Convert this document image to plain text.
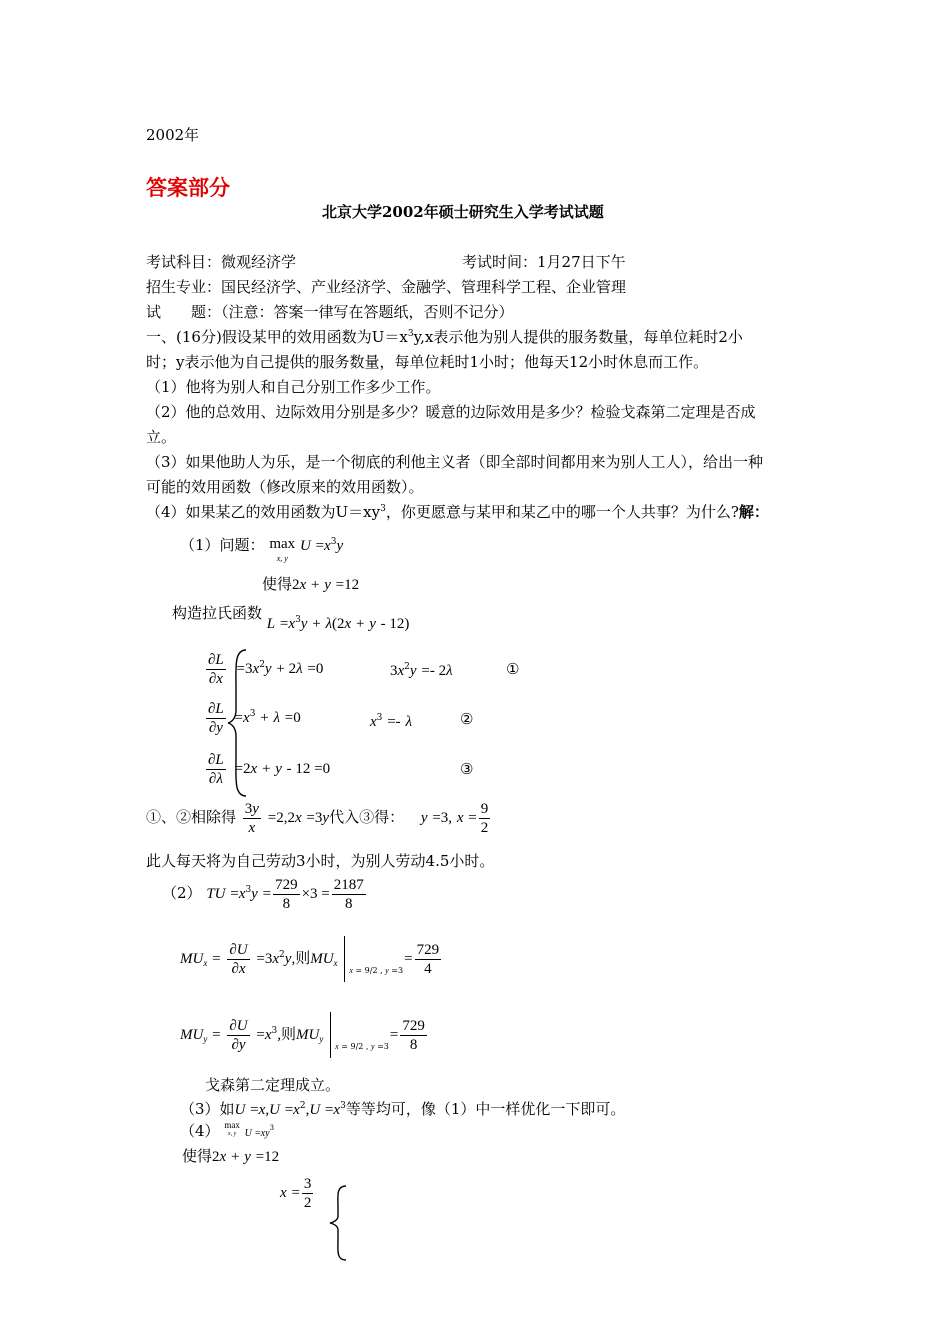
2002年
答案部分
北京大学2002年硕士研究生入学考试试题
考试科目：微观经济学	考试时间：1月27日下午
招生专业：国民经济学、产业经济学、金融学、管理科学工程、企业管理
试　　题：（注意：答案一律写在答题纸，否则不记分）
一、(16分)假设某甲的效用函数为$U=x^3y,x$表示他为别人提供的服务数量，每单位耗时2小
时；y表示他为自己提供的服务数量，每单位耗时1小时；他每天12小时休息而工作。
（1）他将为别人和自己分别工作多少工作。
（2）他的总效用、边际效用分别是多少？暖意的边际效用是多少？检验戈森第二定理是否成
立。
（3）如果他助人为乐，是一个彻底的利他主义者（即全部时间都用来为别人工人），给出一种
可能的效用函数（修改原来的效用函数）。
（4）如果某乙的效用函数为$U=xy^3$，你更愿意与某甲和某乙中的哪一个人共事？为什么?解：
（1）问题： max
$^{x, y}$ $U =x^3y$
使得2x + y =12
构造拉氏函数 $L =x^3y + \lambda(2x + y - 12)$
$\frac{\partial L}{\partial x} =3x^2y + 2\lambda =0$	$3x^2y =- 2\lambda$	①
$\frac{\partial L}{\partial y} =x^3 + \lambda =0$	$x^3 =- \lambda$	②
$\frac{\partial L}{\partial\lambda} =2x + y - 12 =0$	③
①、②相除得 $\frac{3y}{x} =2,2x =3y$代入③得： y =3, $x = \frac{9}{2}$
此人每天将为自己劳动3小时，为别人劳动4.5小时。
（2） TU $=x^3y = \frac{729}{8} \times 3 = \frac{2187}{8}$
$MU_x = \frac{\partial U}{\partial x} =3x^2y$,则$MU_x$
x = 9/2 , y =3
= $\frac{729}{4}$
$MU_y = \frac{\partial U}{\partial y} =x^3$,则$MU_y$
x = 9/2 , y =3
= $\frac{729}{8}$
戈森第二定理成立。
（3）如$U =x,U =x^2,U =x^3$等等均可，像（1）中一样优化一下即可。
（4） max
$^{x, y}$ $U =xy^3$
使得2x + y =12
$x = \frac{3}{2}$
